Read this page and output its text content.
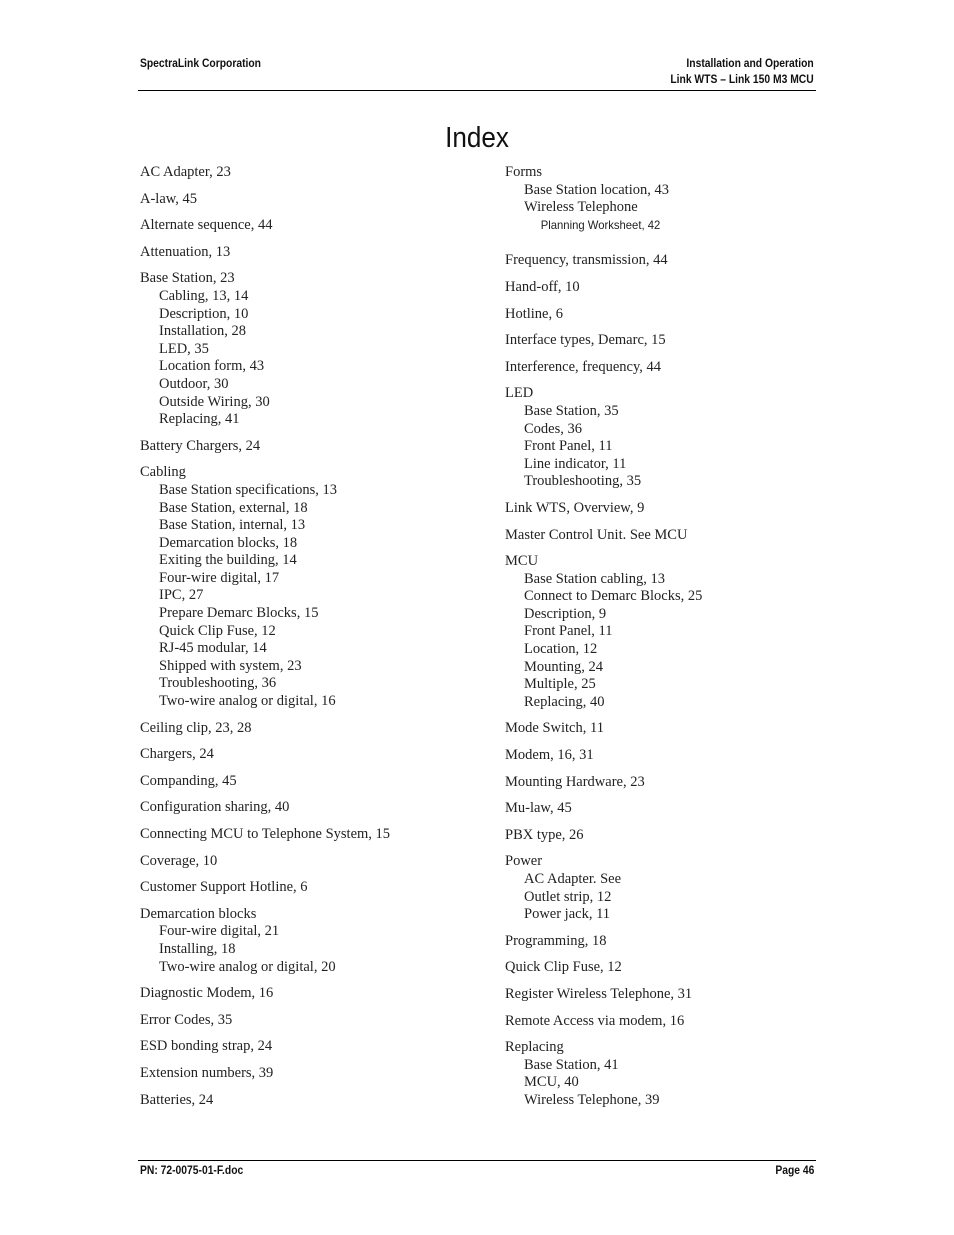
SpectraLink Corporation	Installation and Operation
Link WTS – Link 150 M3 MCU
Index
AC Adapter, 23
A-law, 45
Alternate sequence, 44
Attenuation, 13
Base Station, 23
Cabling, 13, 14
Description, 10
Installation, 28
LED, 35
Location form, 43
Outdoor, 30
Outside Wiring, 30
Replacing, 41
Battery Chargers, 24
Cabling
Base Station specifications, 13
Base Station, external, 18
Base Station, internal, 13
Demarcation blocks, 18
Exiting the building, 14
Four-wire digital, 17
IPC, 27
Prepare Demarc Blocks, 15
Quick Clip Fuse, 12
RJ-45 modular, 14
Shipped with system, 23
Troubleshooting, 36
Two-wire analog or digital, 16
Ceiling clip, 23, 28
Chargers, 24
Companding, 45
Configuration sharing, 40
Connecting MCU to Telephone System, 15
Coverage, 10
Customer Support Hotline, 6
Demarcation blocks
Four-wire digital, 21
Installing, 18
Two-wire analog or digital, 20
Diagnostic Modem, 16
Error Codes, 35
ESD bonding strap, 24
Extension numbers, 39
Batteries, 24
Forms
Base Station location, 43
Wireless Telephone
Planning Worksheet, 42
Frequency, transmission, 44
Hand-off, 10
Hotline, 6
Interface types, Demarc, 15
Interference, frequency, 44
LED
Base Station, 35
Codes, 36
Front Panel, 11
Line indicator, 11
Troubleshooting, 35
Link WTS, Overview, 9
Master Control Unit. See MCU
MCU
Base Station cabling, 13
Connect to Demarc Blocks, 25
Description, 9
Front Panel, 11
Location, 12
Mounting, 24
Multiple, 25
Replacing, 40
Mode Switch, 11
Modem, 16, 31
Mounting Hardware, 23
Mu-law, 45
PBX type, 26
Power
AC Adapter. See
Outlet strip, 12
Power jack, 11
Programming, 18
Quick Clip Fuse, 12
Register Wireless Telephone, 31
Remote Access via modem, 16
Replacing
Base Station, 41
MCU, 40
Wireless Telephone, 39
PN: 72-0075-01-F.doc	Page 46
